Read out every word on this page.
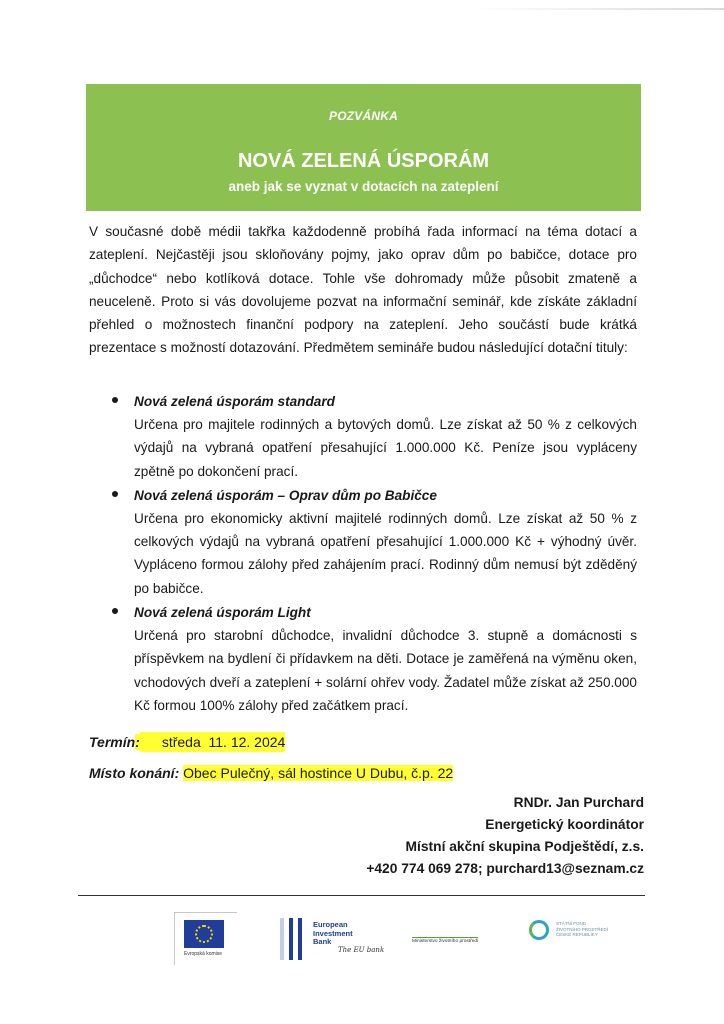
POZVÁNKA
NOVÁ ZELENÁ ÚSPORÁM
aneb jak se vyznat v dotacích na zateplení

V současné době médii takřka každodenně probíhá řada informací na téma dotací a zateplení. Nejčastěji jsou skloňovány pojmy, jako oprav dům po babičce, dotace pro „důchodce“ nebo kotlíková dotace. Tohle vše dohromady může působit zmateně a neuceleně. Proto si vás dovolujeme pozvat na informační seminář, kde získáte základní přehled o možnostech finanční podpory na zateplení. Jeho součástí bude krátká prezentace s možností dotazování. Předmětem semináře budou následující dotační tituly:

Nová zelená úsporám standard
Určena pro majitele rodinných a bytových domů. Lze získat až 50 % z celkových výdajů na vybraná opatření přesahující 1.000.000 Kč. Peníze jsou vypláceny zpětně po dokončení prací.
Nová zelená úsporám – Oprav dům po Babičce
Určena pro ekonomicky aktivní majitelé rodinných domů. Lze získat až 50 % z celkových výdajů na vybraná opatření přesahující 1.000.000 Kč + výhodný úvěr. Vypláceno formou zálohy před zahájením prací. Rodinný dům nemusí být zděděný po babičce.
Nová zelená úsporám Light
Určená pro starobní důchodce, invalidní důchodce 3. stupně a domácnosti s příspěvkem na bydlení či přídavkem na děti. Dotace je zaměřená na výměnu oken, vchodových dveří a zateplení + solární ohřev vody. Žadatel může získat až 250.000 Kč formou 100% zálohy před začátkem prací.
Termín: středa  11. 12. 2024
Místo konání: Obec Pulečný, sál hostince U Dubu, č.p. 22
RNDr. Jan Purchard
Energetický koordinátor
Místní akční skupina Podještědí, z.s.
+420 774 069 278; purchard13@seznam.cz
Evropská komise
European
Investment
Bank
The EU bank
Ministerstvo životního prostředí
STÁTNÍ FOND
ŽIVOTNÍHO PROSTŘEDÍ
ČESKÉ REPUBLIKY
